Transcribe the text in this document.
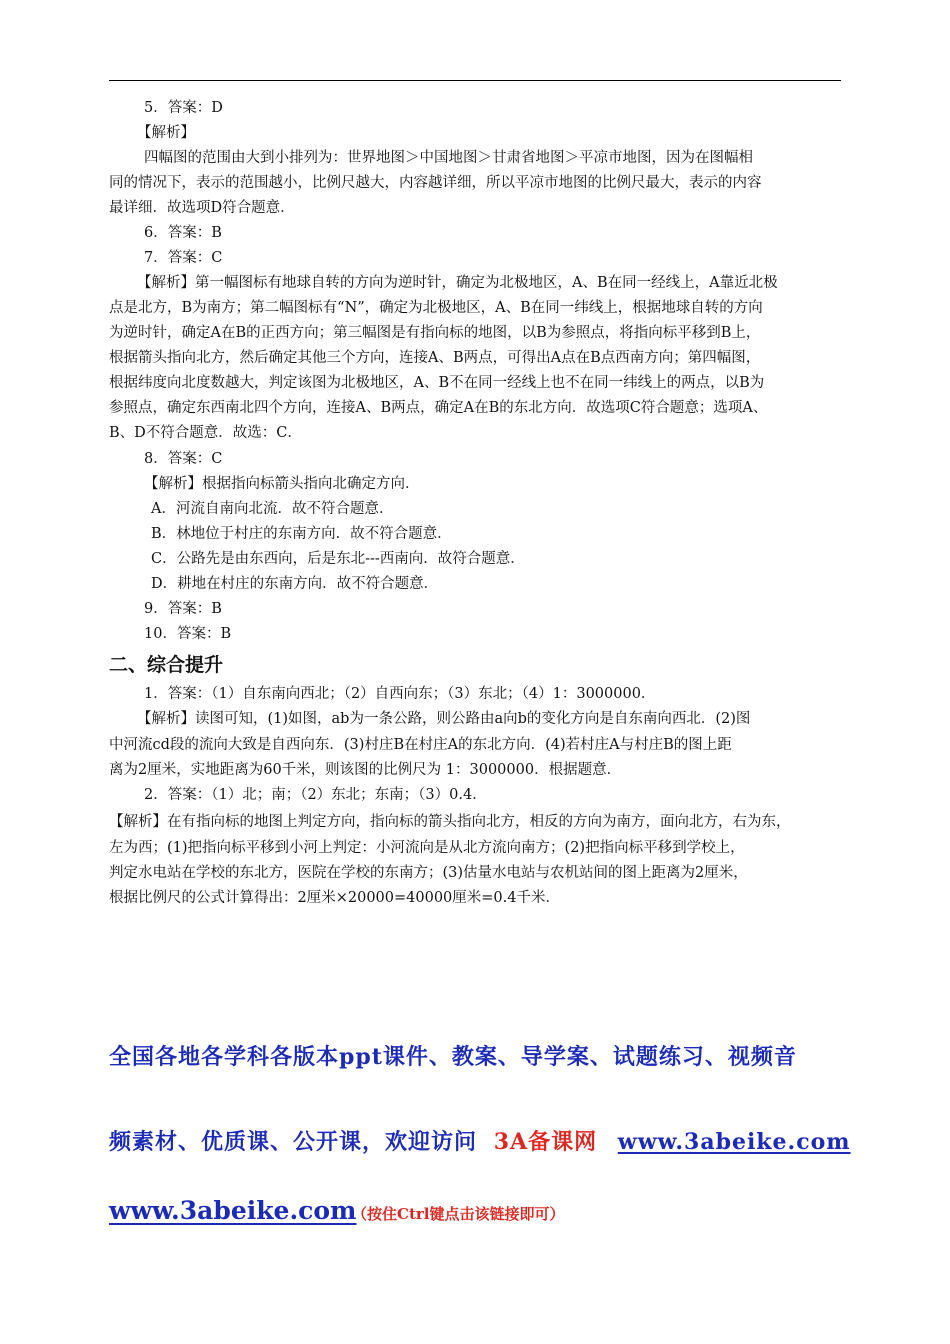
5．答案：D
【解析】
四幅图的范围由大到小排列为：世界地图＞中国地图＞甘肃省地图＞平凉市地图，因为在图幅相
同的情况下，表示的范围越小，比例尺越大，内容越详细，所以平凉市地图的比例尺最大，表示的内容
最详细．故选项D符合题意．
6．答案：B
7．答案：C
【解析】第一幅图标有地球自转的方向为逆时针，确定为北极地区，A、B在同一经线上，A靠近北极
点是北方，B为南方；第二幅图标有“N”，确定为北极地区，A、B在同一纬线上，根据地球自转的方向
为逆时针，确定A在B的正西方向；第三幅图是有指向标的地图，以B为参照点，将指向标平移到B上，
根据箭头指向北方，然后确定其他三个方向，连接A、B两点，可得出A点在B点西南方向；第四幅图，
根据纬度向北度数越大，判定该图为北极地区，A、B不在同一经线上也不在同一纬线上的两点，以B为
参照点，确定东西南北四个方向，连接A、B两点，确定A在B的东北方向．故选项C符合题意；选项A、
B、D不符合题意．故选：C．
8．答案：C
【解析】根据指向标箭头指向北确定方向．
A．河流自南向北流．故不符合题意．
B．林地位于村庄的东南方向．故不符合题意．
C．公路先是由东西向，后是东北---西南向．故符合题意．
D．耕地在村庄的东南方向．故不符合题意．
9．答案：B
10．答案：B
二、综合提升
1．答案：（1）自东南向西北；（2）自西向东；（3）东北；（4）1：3000000．
【解析】读图可知，(1)如图，ab为一条公路，则公路由a向b的变化方向是自东南向西北．(2)图
中河流cd段的流向大致是自西向东．(3)村庄B在村庄A的东北方向．(4)若村庄A与村庄B的图上距
离为2厘米，实地距离为60千米，则该图的比例尺为 1：3000000．根据题意．
2．答案：（1）北；南；（2）东北；东南；（3）0.4．
【解析】在有指向标的地图上判定方向，指向标的箭头指向北方，相反的方向为南方，面向北方，右为东，
左为西；(1)把指向标平移到小河上判定：小河流向是从北方流向南方；(2)把指向标平移到学校上，
判定水电站在学校的东北方，医院在学校的东南方；(3)估量水电站与农机站间的图上距离为2厘米，
根据比例尺的公式计算得出：2厘米×20000=40000厘米=0.4千米．
全国各地各学科各版本ppt课件、教案、导学案、试题练习、视频音
频素材、优质课、公开课，欢迎访问 3A备课网 www.3abeike.com
www.3abeike.com
（按住Ctrl键点击该链接即可）
